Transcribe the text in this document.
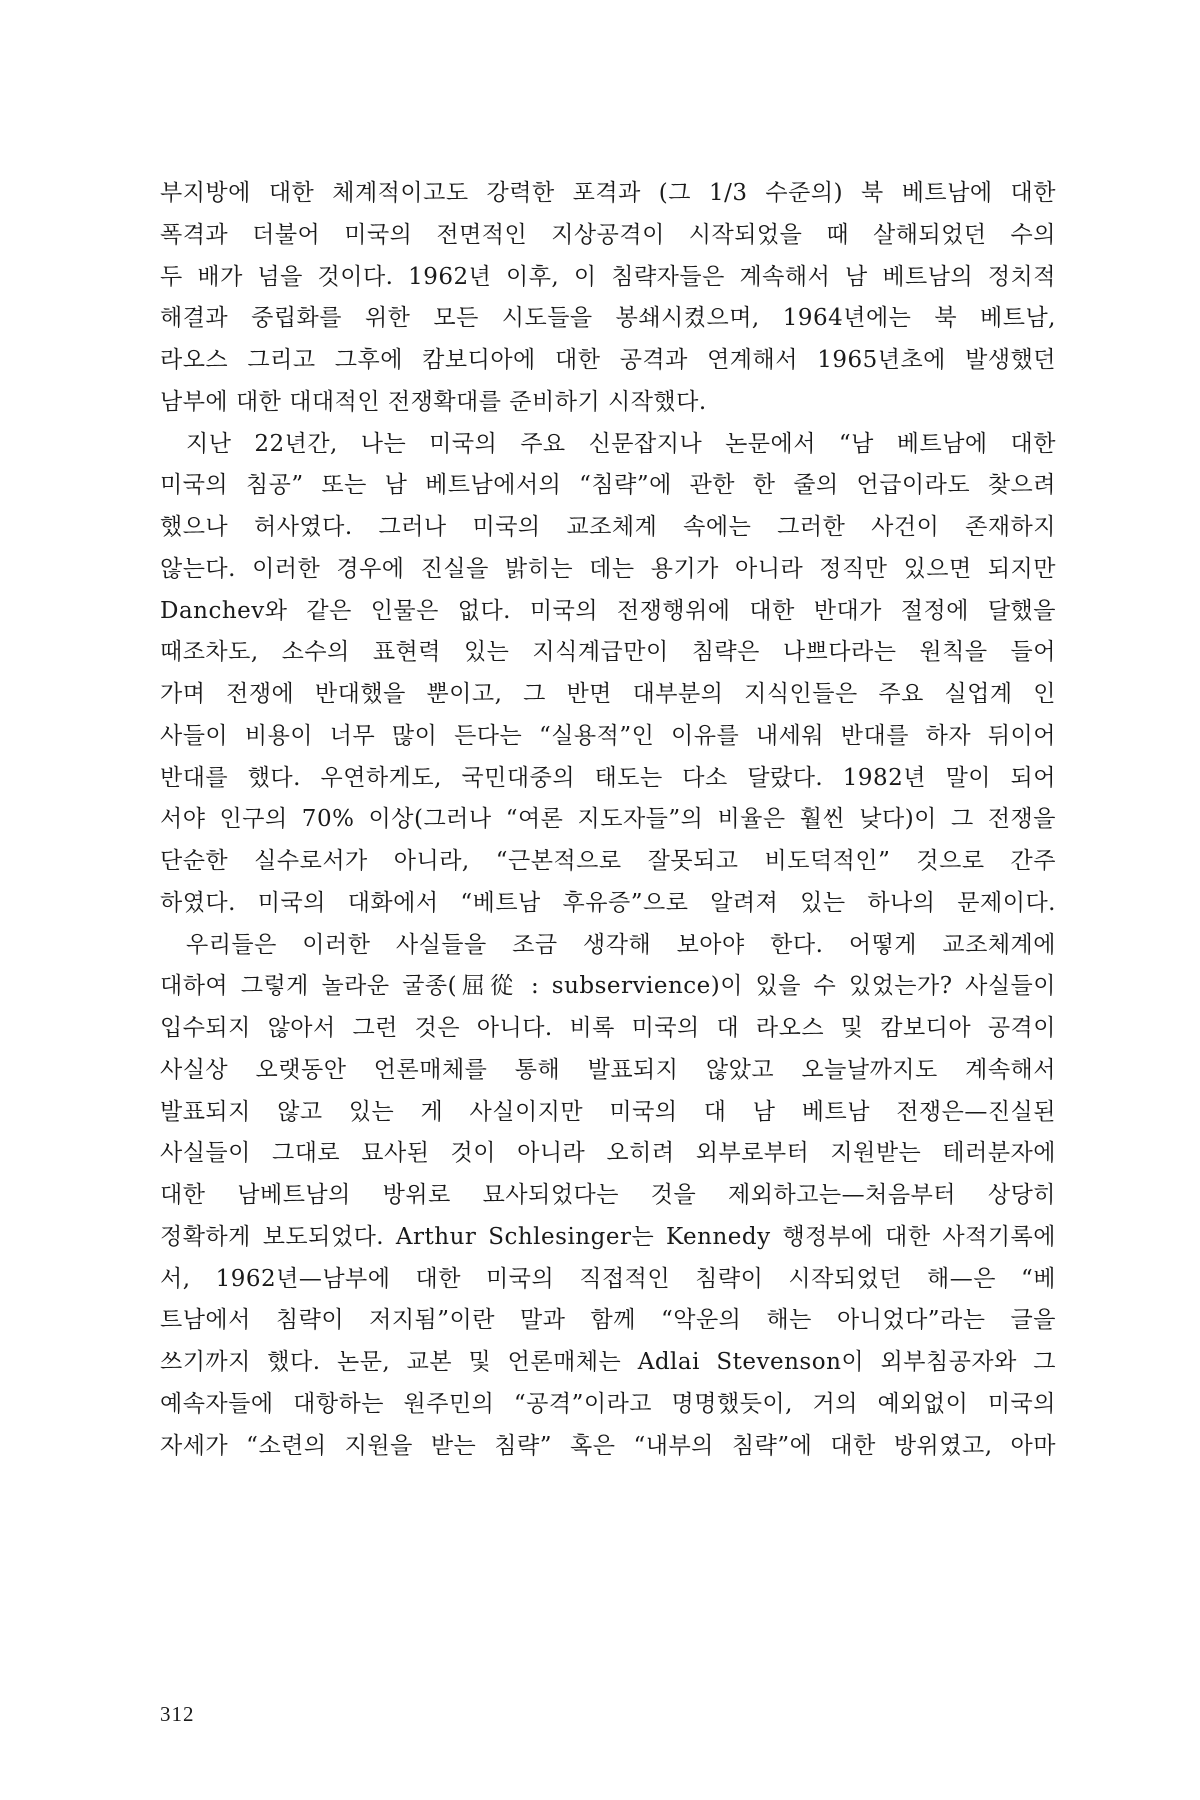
부지방에 대한 체계적이고도 강력한 포격과 (그 1/3 수준의) 북 베트남에 대한
폭격과 더불어 미국의 전면적인 지상공격이 시작되었을 때 살해되었던 수의
두 배가 넘을 것이다. 1962년 이후, 이 침략자들은 계속해서 남 베트남의 정치적
해결과 중립화를 위한 모든 시도들을 봉쇄시켰으며, 1964년에는 북 베트남,
라오스 그리고 그후에 캄보디아에 대한 공격과 연계해서 1965년초에 발생했던
남부에 대한 대대적인 전쟁확대를 준비하기 시작했다.
지난 22년간, 나는 미국의 주요 신문잡지나 논문에서 “남 베트남에 대한
미국의 침공” 또는 남 베트남에서의 “침략”에 관한 한 줄의 언급이라도 찾으려
했으나 허사였다. 그러나 미국의 교조체계 속에는 그러한 사건이 존재하지
않는다. 이러한 경우에 진실을 밝히는 데는 용기가 아니라 정직만 있으면 되지만
Danchev와 같은 인물은 없다. 미국의 전쟁행위에 대한 반대가 절정에 달했을
때조차도, 소수의 표현력 있는 지식계급만이 침략은 나쁘다라는 원칙을 들어
가며 전쟁에 반대했을 뿐이고, 그 반면 대부분의 지식인들은 주요 실업계 인
사들이 비용이 너무 많이 든다는 “실용적”인 이유를 내세워 반대를 하자 뒤이어
반대를 했다. 우연하게도, 국민대중의 태도는 다소 달랐다. 1982년 말이 되어
서야 인구의 70% 이상(그러나 “여론 지도자들”의 비율은 훨씬 낮다)이 그 전쟁을
단순한 실수로서가 아니라, “근본적으로 잘못되고 비도덕적인” 것으로 간주
하였다. 미국의 대화에서 “베트남 후유증”으로 알려져 있는 하나의 문제이다.
우리들은 이러한 사실들을 조금 생각해 보아야 한다. 어떻게 교조체계에
대하여 그렇게 놀라운 굴종(屈從 : subservience)이 있을 수 있었는가? 사실들이
입수되지 않아서 그런 것은 아니다. 비록 미국의 대 라오스 및 캄보디아 공격이
사실상 오랫동안 언론매체를 통해 발표되지 않았고 오늘날까지도 계속해서
발표되지 않고 있는 게 사실이지만 미국의 대 남 베트남 전쟁은—진실된
사실들이 그대로 묘사된 것이 아니라 오히려 외부로부터 지원받는 테러분자에
대한 남베트남의 방위로 묘사되었다는 것을 제외하고는—처음부터 상당히
정확하게 보도되었다. Arthur Schlesinger는 Kennedy 행정부에 대한 사적기록에
서, 1962년—남부에 대한 미국의 직접적인 침략이 시작되었던 해—은 “베
트남에서 침략이 저지됨”이란 말과 함께 “악운의 해는 아니었다”라는 글을
쓰기까지 했다. 논문, 교본 및 언론매체는 Adlai Stevenson이 외부침공자와 그
예속자들에 대항하는 원주민의 “공격”이라고 명명했듯이, 거의 예외없이 미국의
자세가 “소련의 지원을 받는 침략” 혹은 “내부의 침략”에 대한 방위였고, 아마
312
